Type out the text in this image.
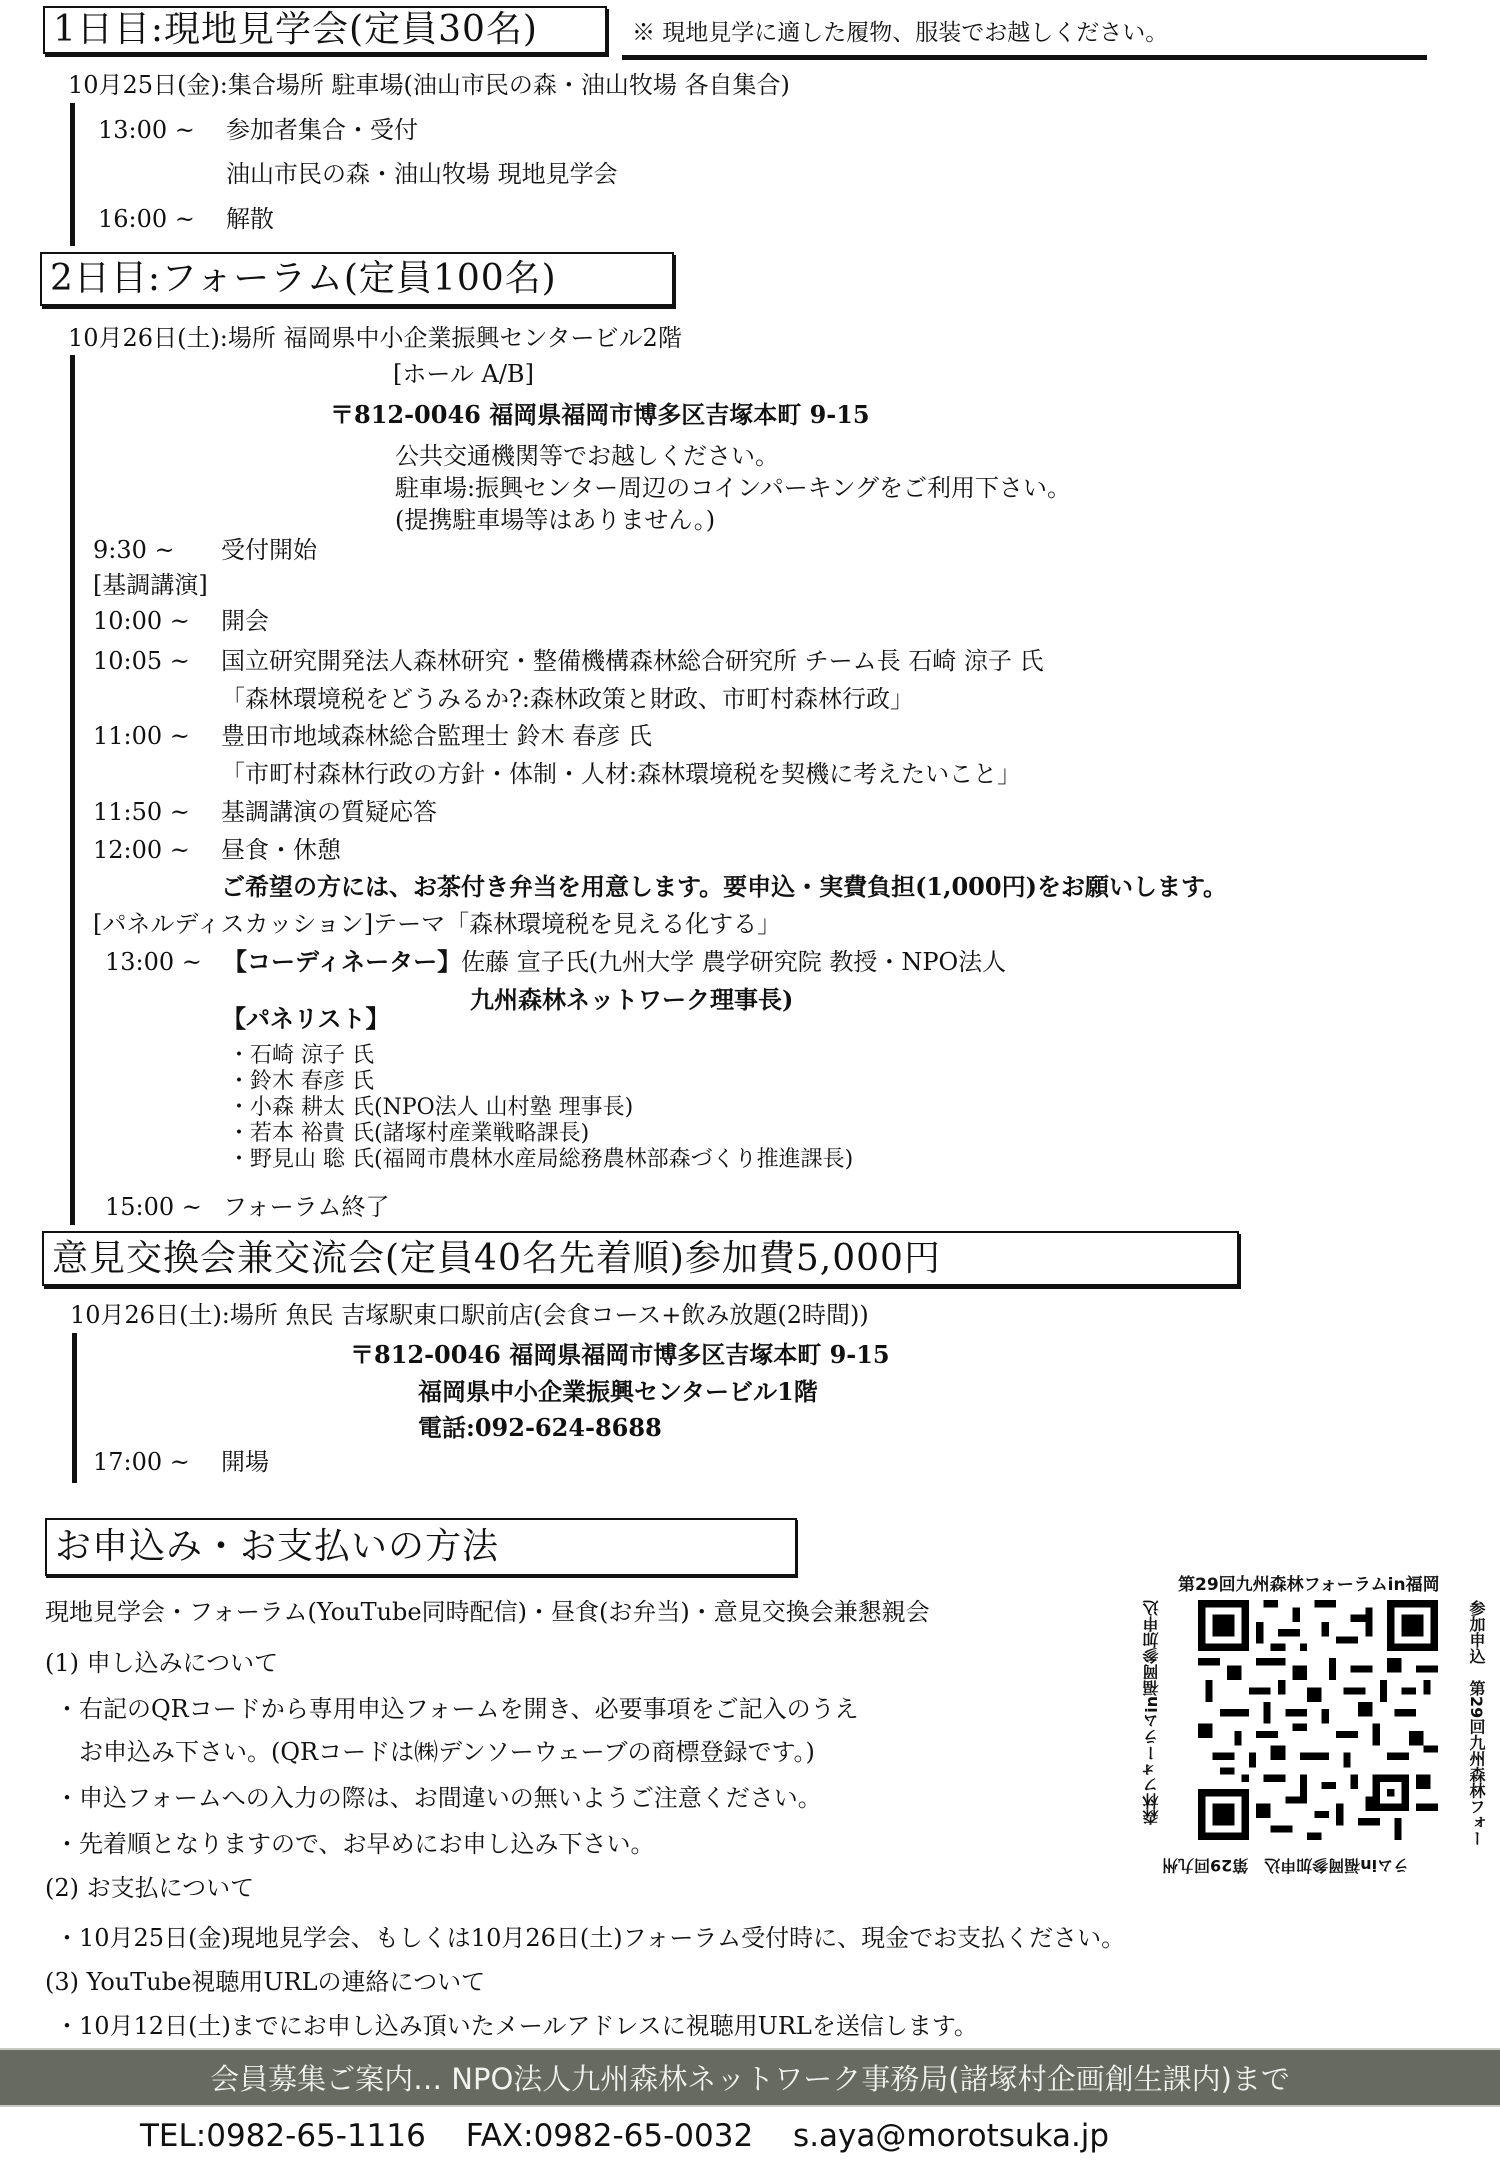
1日目:現地見学会(定員30名)	※ 現地見学に適した履物、服装でお越しください。
10月25日(金):集合場所 駐車場(油山市民の森・油山牧場 各自集合)
13:00 ~ 参加者集合・受付
油山市民の森・油山牧場 現地見学会
16:00 ~ 解散
2日目:フォーラム(定員100名)
10月26日(土):場所 福岡県中小企業振興センタービル2階
[ホール A/B]
〒812-0046 福岡県福岡市博多区吉塚本町 9-15
公共交通機関等でお越しください。
駐車場:振興センター周辺のコインパーキングをご利用下さい。
(提携駐車場等はありません。)
9:30 ~ 受付開始
[基調講演]
10:00 ~ 開会
10:05 ~ 国立研究開発法人森林研究・整備機構森林総合研究所 チーム長 石崎 涼子 氏
「森林環境税をどうみるか?:森林政策と財政、市町村森林行政」
11:00 ~ 豊田市地域森林総合監理士 鈴木 春彦 氏
「市町村森林行政の方針・体制・人材:森林環境税を契機に考えたいこと」
11:50 ~ 基調講演の質疑応答
12:00 ~ 昼食・休憩
ご希望の方には、お茶付き弁当を用意します。要申込・実費負担(1,000円)をお願いします。
[パネルディスカッション]テーマ「森林環境税を見える化する」
13:00 ~ 【コーディネーター】佐藤 宣子氏(九州大学 農学研究院 教授・NPO法人
九州森林ネットワーク理事長)
【パネリスト】
・石崎 涼子 氏
・鈴木 春彦 氏
・小森 耕太 氏(NPO法人 山村塾 理事長)
・若本 裕貴 氏(諸塚村産業戦略課長)
・野見山 聡 氏(福岡市農林水産局総務農林部森づくり推進課長)
15:00 ~ フォーラム終了
意見交換会兼交流会(定員40名先着順)参加費5,000円
10月26日(土):場所 魚民 吉塚駅東口駅前店(会食コース+飲み放題(2時間))
〒812-0046 福岡県福岡市博多区吉塚本町 9-15
福岡県中小企業振興センタービル1階
電話:092-624-8688
17:00 ~ 開場
お申込み・お支払いの方法
現地見学会・フォーラム(YouTube同時配信)・昼食(お弁当)・意見交換会兼懇親会
(1) 申し込みについて
・右記のQRコードから専用申込フォームを開き、必要事項をご記入のうえ
　お申込み下さい。(QRコードは㈱デンソーウェーブの商標登録です。)
・申込フォームへの入力の際は、お間違いの無いようご注意ください。
・先着順となりますので、お早めにお申し込み下さい。
(2) お支払について
・10月25日(金)現地見学会、もしくは10月26日(土)フォーラム受付時に、現金でお支払ください。
(3) YouTube視聴用URLの連絡について
・10月12日(土)までにお申し込み頂いたメールアドレスに視聴用URLを送信します。
第29回九州森林フォーラムin福岡
参加申込　第29回九州森林フォー
森林フォーラムin福岡参加申込
ラムin福岡参加申込　第29回九州
会員募集ご案内… NPO法人九州森林ネットワーク事務局(諸塚村企画創生課内)まで
TEL:0982-65-1116 FAX:0982-65-0032 s.aya@morotsuka.jp
